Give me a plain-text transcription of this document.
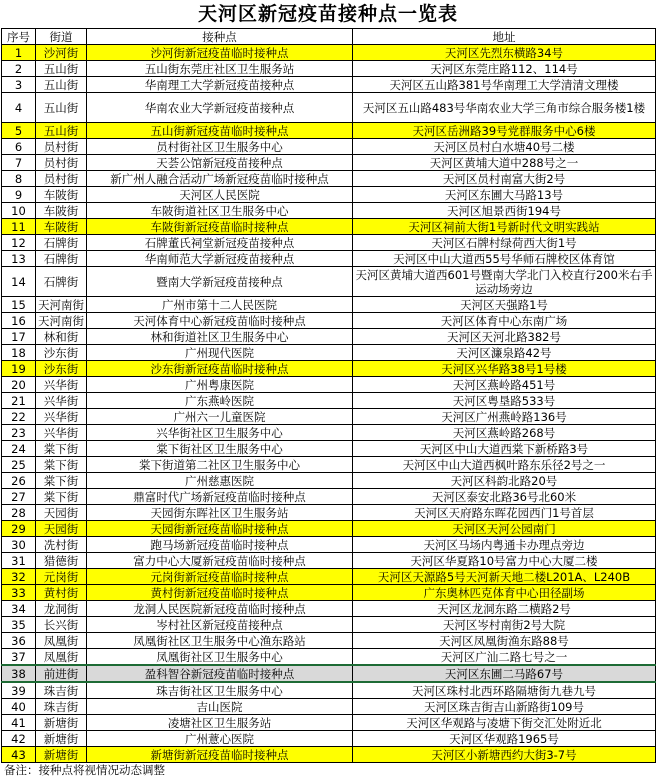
天河区新冠疫苗接种点一览表
序号	街道	接种点	地址
1	沙河街	沙河街新冠疫苗临时接种点	天河区先烈东横路34号
2	五山街	五山街东莞庄社区卫生服务站	天河区东莞庄路112、114号
3	五山街	华南理工大学新冠疫苗接种点	天河区五山路381号华南理工大学清清文理楼
4	五山街	华南农业大学新冠疫苗接种点	天河区五山路483号华南农业大学三角市综合服务楼1楼
5	五山街	五山街新冠疫苗临时接种点	天河区岳洲路39号党群服务中心6楼
6	员村街	员村街社区卫生服务中心	天河区员村白水塘40号二楼
7	员村街	天荟公馆新冠疫苗接种点	天河区黄埔大道中288号之一
8	员村街	新广州人融合活动广场新冠疫苗临时接种点	天河区员村南富大街2号
9	车陂街	天河区人民医院	天河区东圃大马路13号
10	车陂街	车陂街道社区卫生服务中心	天河区旭景西街194号
11	车陂街	车陂街新冠疫苗临时接种点	天河区祠前大街1号新时代文明实践站
12	石牌街	石牌董氏祠堂新冠疫苗接种点	天河区石牌村绿荷西大街1号
13	石牌街	华南师范大学新冠疫苗接种点	天河区中山大道西55号华师石牌校区体育馆
14	石牌街	暨南大学新冠疫苗接种点	天河区黄埔大道西601号暨南大学北门入校直行200米右手运动场旁边
15	天河南街	广州市第十二人民医院	天河区天强路1号
16	天河南街	天河体育中心新冠疫苗临时接种点	天河区体育中心东南广场
17	林和街	林和街道社区卫生服务中心	天河区天河北路382号
18	沙东街	广州现代医院	天河区濂泉路42号
19	沙东街	沙东街新冠疫苗临时接种点	天河区兴华路38号1号楼
20	兴华街	广州粤康医院	天河区燕岭路451号
21	兴华街	广东燕岭医院	天河区粤垦路533号
22	兴华街	广州六一儿童医院	天河区广州燕岭路136号
23	兴华街	兴华街社区卫生服务中心	天河区燕岭路268号
24	棠下街	棠下街社区卫生服务中心	天河区中山大道西棠下新桥路3号
25	棠下街	棠下街道第二社区卫生服务中心	天河区中山大道西枫叶路东乐径2号之一
26	棠下街	广州慈惠医院	天河区科韵北路20号
27	棠下街	鼎富时代广场新冠疫苗临时接种点	天河区泰安北路36号北60米
28	天园街	天园街东晖社区卫生服务站	天河区天府路东晖花园西门1号首层
29	天园街	天园街新冠疫苗临时接种点	天河区天河公园南门
30	冼村街	跑马场新冠疫苗临时接种点	天河区马场内粤通卡办理点旁边
31	猎德街	富力中心大厦新冠疫苗临时接种点	天河区华夏路10号富力中心大厦二楼
32	元岗街	元岗街新冠疫苗临时接种点	天河区天源路5号天河新天地二楼L201A、L240B
33	黄村街	黄村街新冠疫苗临时接种点	广东奥林匹克体育中心田径副场
34	龙洞街	龙洞人民医院新冠疫苗临时接种点	天河区龙洞东路二横路2号
35	长兴街	岑村社区新冠疫苗接种点	天河区岑村南街2号大院
36	凤凰街	凤凰街社区卫生服务中心渔东路站	天河区凤凰街渔东路88号
37	凤凰街	凤凰街社区卫生服务中心	天河区广汕二路七号之一
38	前进街	盈科智谷新冠疫苗临时接种点	天河区东圃二马路67号
39	珠吉街	珠吉街社区卫生服务中心	天河区珠村北西环路隔塘街九巷九号
40	珠吉街	吉山医院	天河区珠吉街吉山新路街109号
41	新塘街	凌塘社区卫生服务站	天河区华观路与凌塘下街交汇处附近北
42	新塘街	广州薏心医院	天河区华观路1965号
43	新塘街	新塘街新冠疫苗临时接种点	天河区小新塘西约大街3-7号
备注：接种点将视情况动态调整
